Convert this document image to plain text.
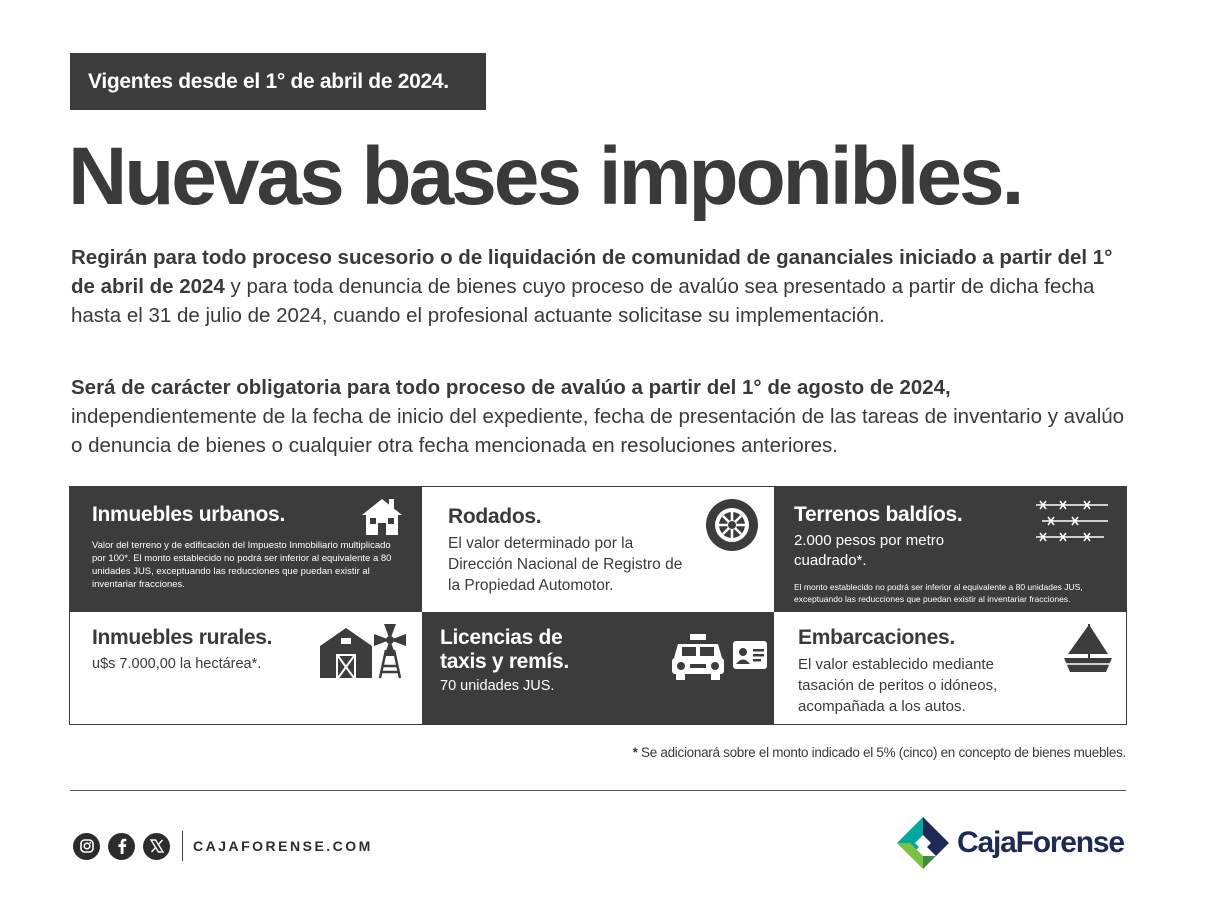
Vigentes desde el 1° de abril de 2024.
Nuevas bases imponibles.

Regirán para todo proceso sucesorio o de liquidación de comunidad de gananciales iniciado a partir del 1° de abril de 2024 y para toda denuncia de bienes cuyo proceso de avalúo sea presentado a partir de dicha fecha hasta el 31 de julio de 2024, cuando el profesional actuante solicitase su implementación.

Será de carácter obligatoria para todo proceso de avalúo a partir del 1° de agosto de 2024, independientemente de la fecha de inicio del expediente, fecha de presentación de las tareas de inventario y avalúo o denuncia de bienes o cualquier otra fecha mencionada en resoluciones anteriores.

Inmuebles urbanos.
Valor del terreno y de edificación del Impuesto Inmobiliario multiplicado por 100*. El monto establecido no podrá ser inferior al equivalente a 80 unidades JUS, exceptuando las reducciones que puedan existir al inventariar fracciones.
Rodados.
El valor determinado por la Dirección Nacional de Registro de la Propiedad Automotor.
Terrenos baldíos.
2.000 pesos por metro cuadrado*.
El monto establecido no podrá ser inferior al equivalente a 80 unidades JUS, exceptuando las reducciones que puedan existir al inventariar fracciones.
Inmuebles rurales.
u$s 7.000,00 la hectárea*.
Licencias de
taxis y remís.
70 unidades JUS.
Embarcaciones.
El valor establecido mediante tasación de peritos o idóneos, acompañada a los autos.
* Se adicionará sobre el monto indicado el 5% (cinco) en concepto de bienes muebles.
CAJAFORENSE.COM	CajaForense
